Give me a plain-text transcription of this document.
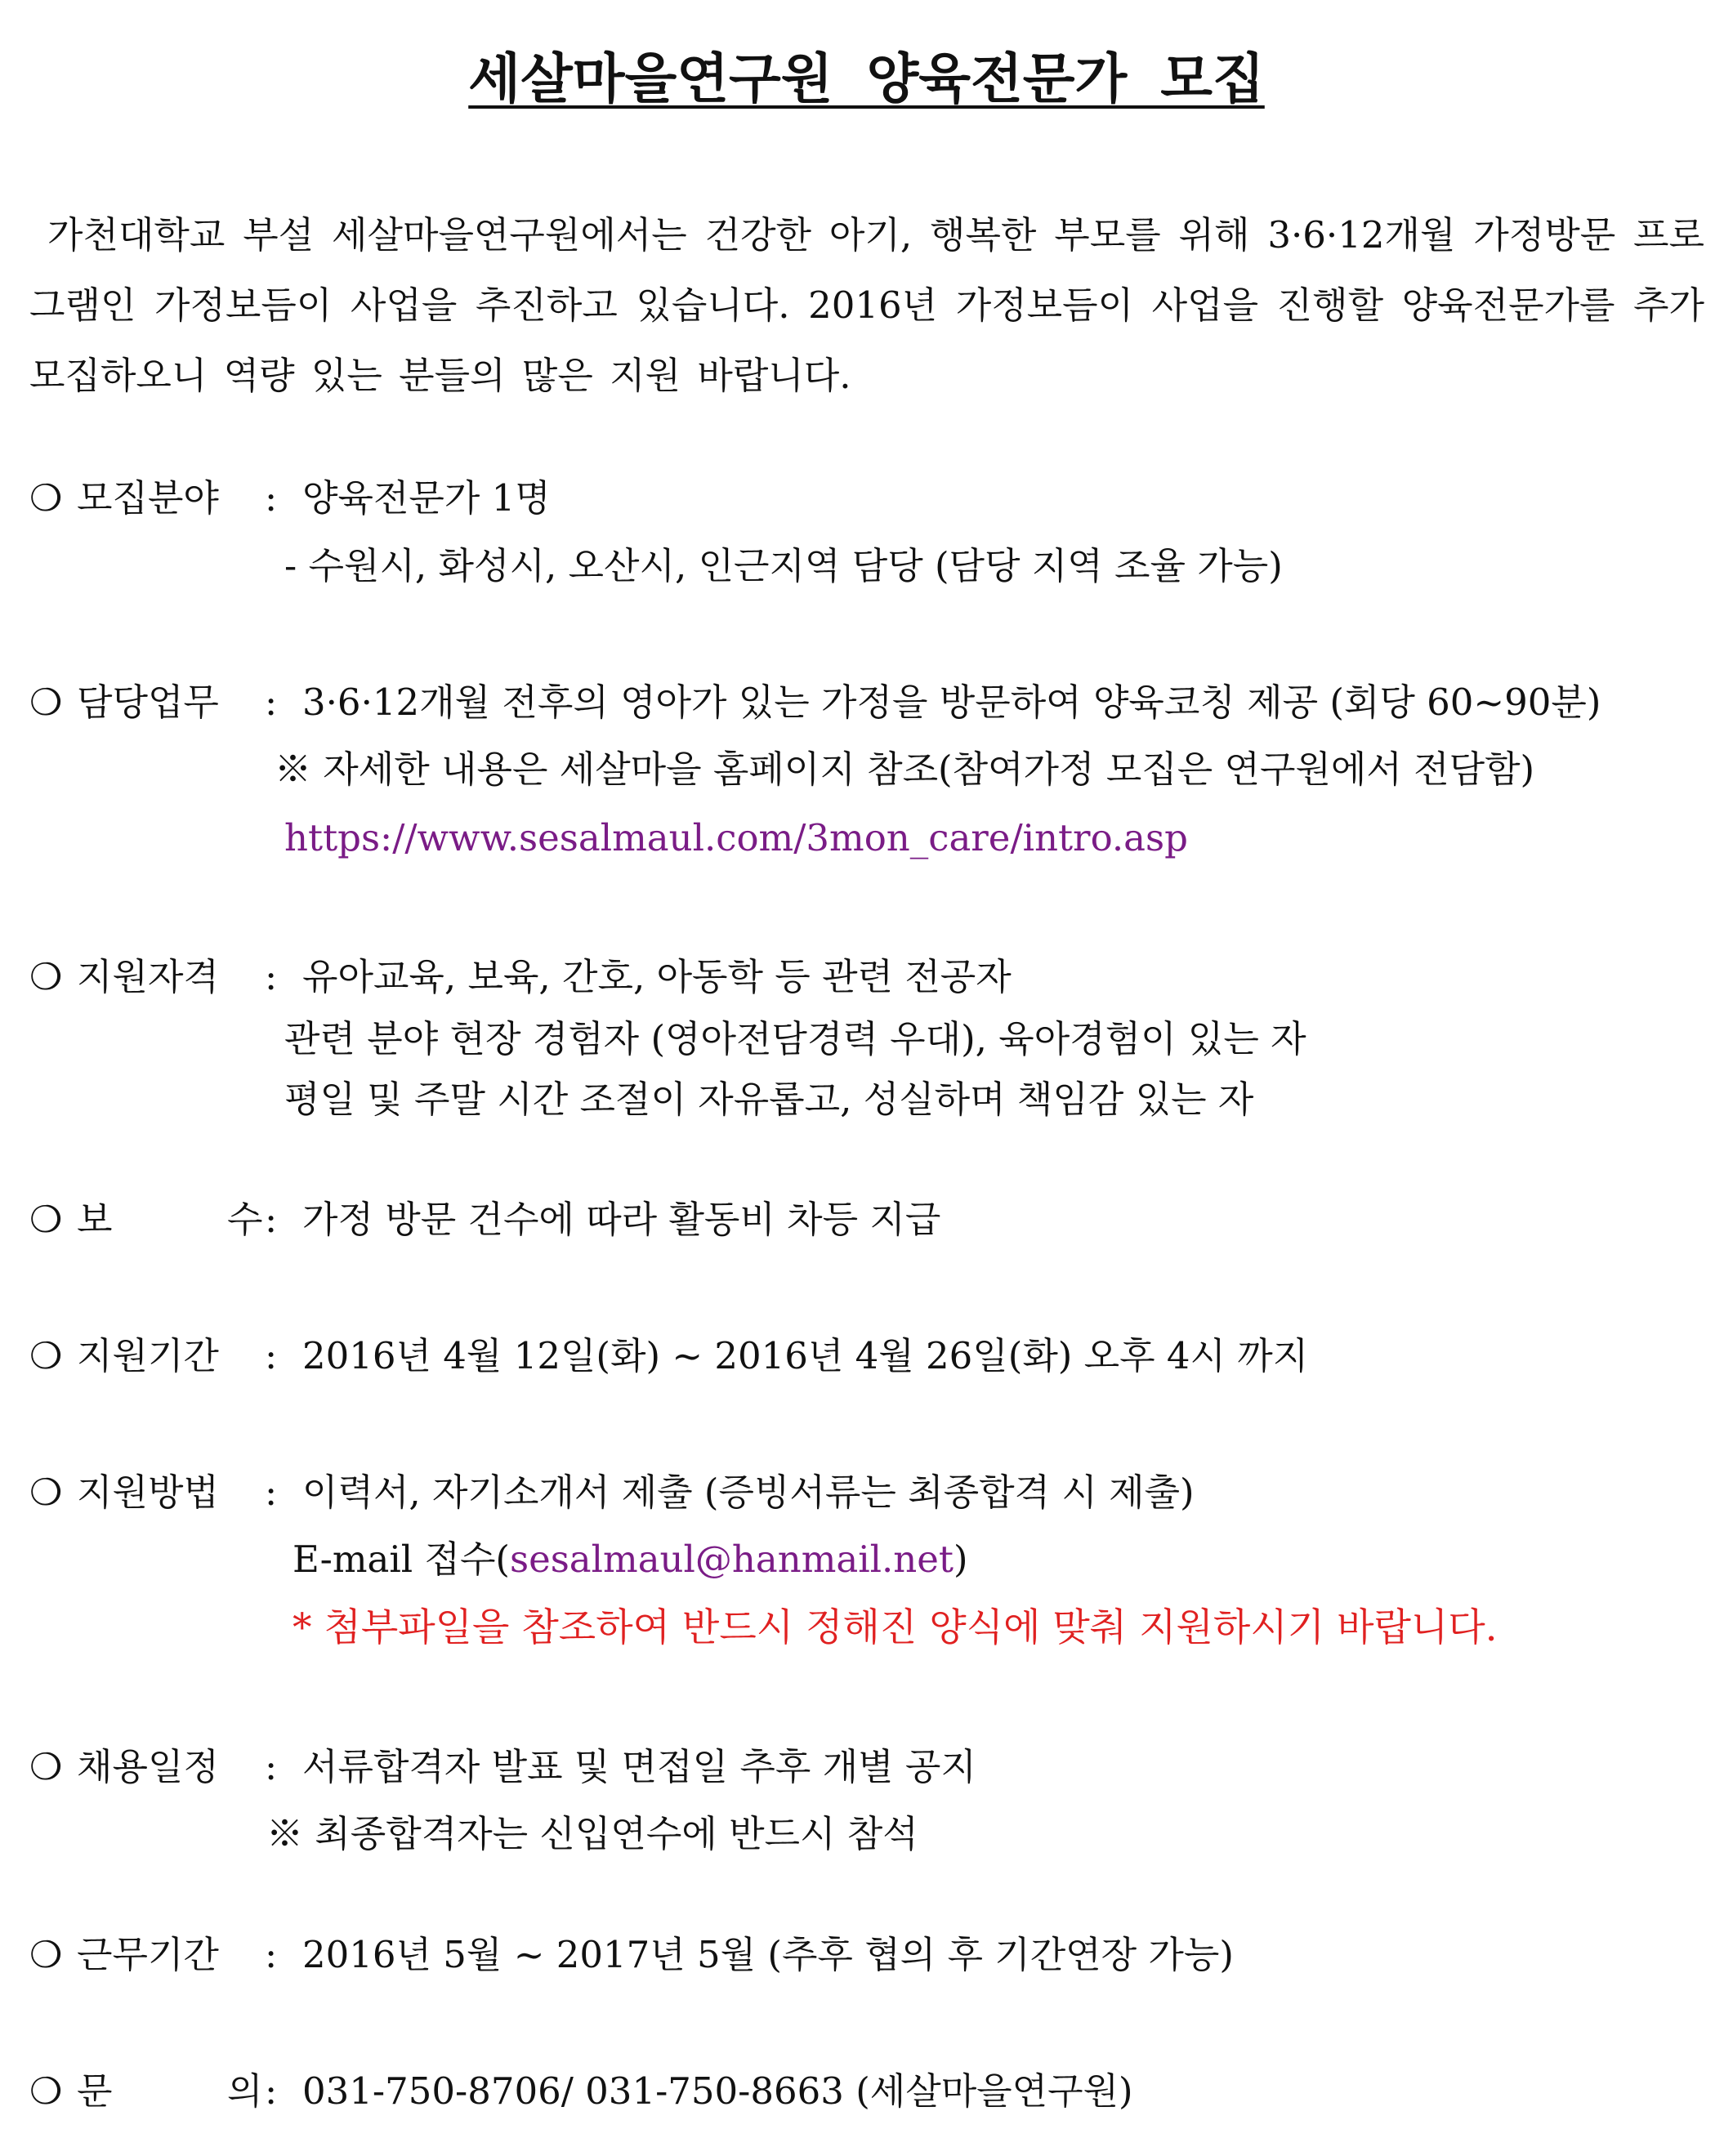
세살마을연구원 양육전문가 모집
가천대학교 부설 세살마을연구원에서는 건강한 아기, 행복한 부모를 위해 3·6·12개월 가정방문 프로그램인 가정보듬이 사업을 추진하고 있습니다. 2016년 가정보듬이 사업을 진행할 양육전문가를 추가 모집하오니 역량 있는 분들의 많은 지원 바랍니다.
❍ 모집분야 : 양육전문가 1명
- 수원시, 화성시, 오산시, 인근지역 담당 (담당 지역 조율 가능)
❍ 담당업무 : 3·6·12개월 전후의 영아가 있는 가정을 방문하여 양육코칭 제공 (회당 60~90분)
※ 자세한 내용은 세살마을 홈페이지 참조(참여가정 모집은 연구원에서 전담함)
https://www.sesalmaul.com/3mon_care/intro.asp
❍ 지원자격 : 유아교육, 보육, 간호, 아동학 등 관련 전공자
관련 분야 현장 경험자 (영아전담경력 우대), 육아경험이 있는 자
평일 및 주말 시간 조절이 자유롭고, 성실하며 책임감 있는 자
❍ 보	수 : 가정 방문 건수에 따라 활동비 차등 지급
❍ 지원기간 : 2016년 4월 12일(화) ~ 2016년 4월 26일(화) 오후 4시 까지
❍ 지원방법 : 이력서, 자기소개서 제출 (증빙서류는 최종합격 시 제출)
E-mail 접수(sesalmaul@hanmail.net)
* 첨부파일을 참조하여 반드시 정해진 양식에 맞춰 지원하시기 바랍니다.
❍ 채용일정 : 서류합격자 발표 및 면접일 추후 개별 공지
※ 최종합격자는 신입연수에 반드시 참석
❍ 근무기간 : 2016년 5월 ~ 2017년 5월 (추후 협의 후 기간연장 가능)
❍ 문	의 : 031-750-8706/ 031-750-8663 (세살마을연구원)
